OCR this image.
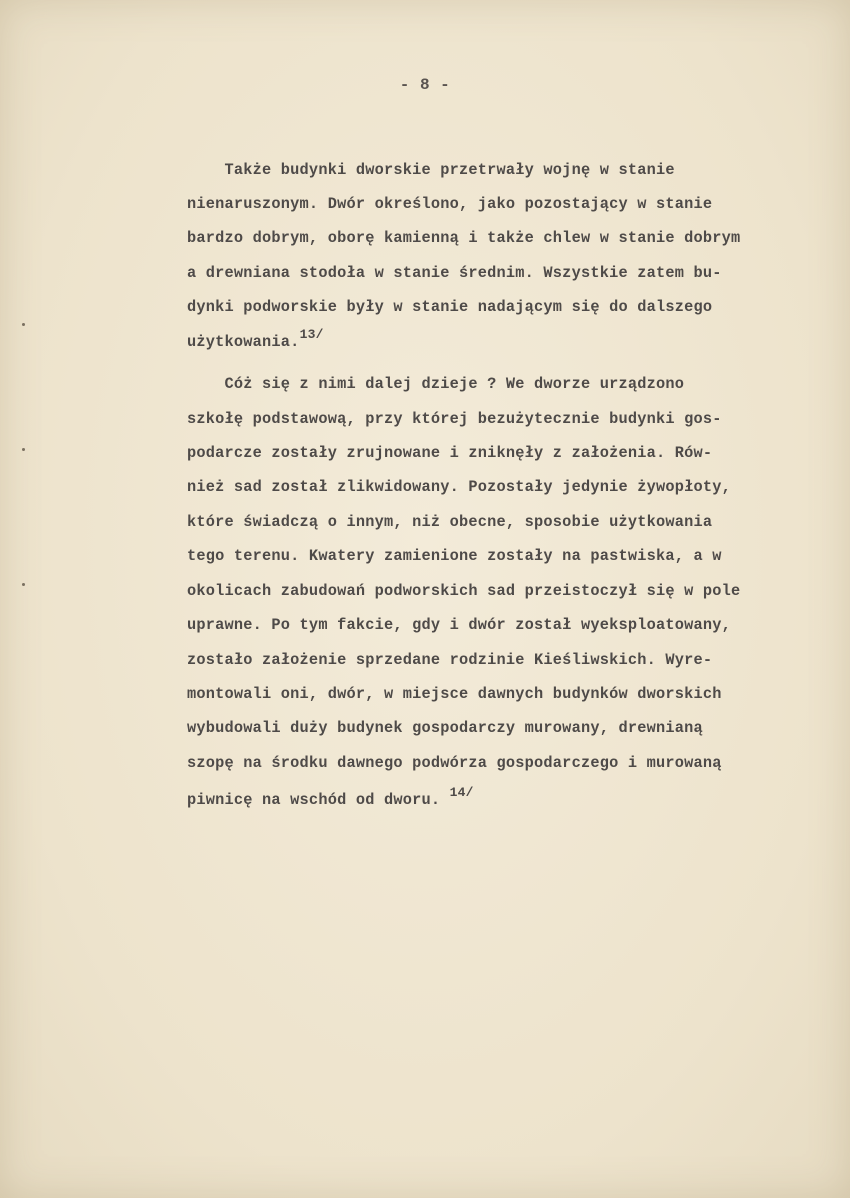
- 8 -
Także budynki dworskie przetrwały wojnę w stanie
nienaruszonym. Dwór określono, jako pozostający w stanie
bardzo dobrym, oborę kamienną i także chlew w stanie dobrym
a drewniana stodoła w stanie średnim. Wszystkie zatem bu-
dynki podworskie były w stanie nadającym się do dalszego
użytkowania.$^{13/}$
Cóż się z nimi dalej dzieje ? We dworze urządzono
szkołę podstawową, przy której bezużytecznie budynki gos-
podarcze zostały zrujnowane i zniknęły z założenia. Rów-
nież sad został zlikwidowany. Pozostały jedynie żywopłoty,
które świadczą o innym, niż obecne, sposobie użytkowania
tego terenu. Kwatery zamienione zostały na pastwiska, a w
okolicach zabudowań podworskich sad przeistoczył się w pole
uprawne. Po tym fakcie, gdy i dwór został wyeksploatowany,
zostało założenie sprzedane rodzinie Kieśliwskich. Wyre-
montowali oni, dwór, w miejsce dawnych budynków dworskich
wybudowali duży budynek gospodarczy murowany, drewnianą
szopę na środku dawnego podwórza gospodarczego i murowaną
piwnicę na wschód od dworu. $^{14/}$
